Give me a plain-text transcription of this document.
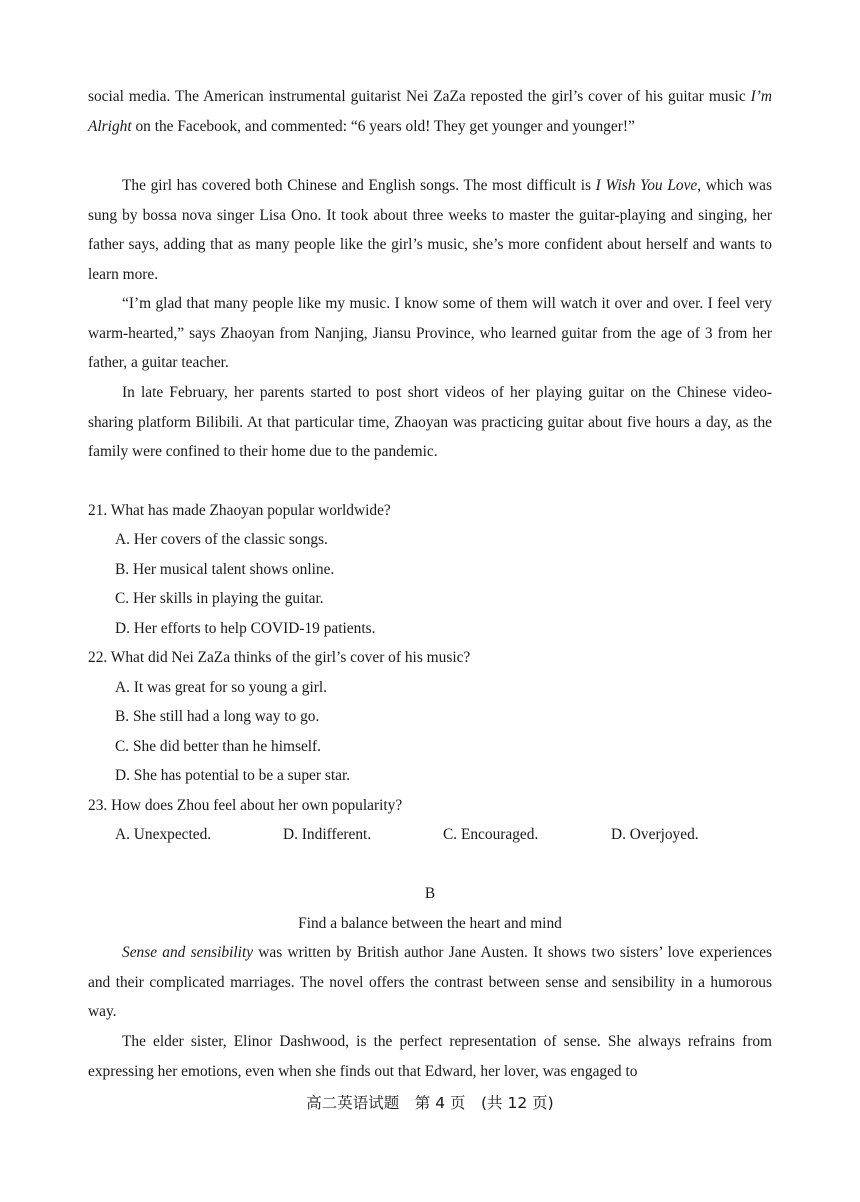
social media. The American instrumental guitarist Nei ZaZa reposted the girl’s cover of his guitar music I’m Alright on the Facebook, and commented: “6 years old! They get younger and younger!”

The girl has covered both Chinese and English songs. The most difficult is I Wish You Love, which was sung by bossa nova singer Lisa Ono. It took about three weeks to master the guitar-playing and singing, her father says, adding that as many people like the girl’s music, she’s more confident about herself and wants to learn more.

“I’m glad that many people like my music. I know some of them will watch it over and over. I feel very warm-hearted,” says Zhaoyan from Nanjing, Jiansu Province, who learned guitar from the age of 3 from her father, a guitar teacher.

In late February, her parents started to post short videos of her playing guitar on the Chinese video-sharing platform Bilibili. At that particular time, Zhaoyan was practicing guitar about five hours a day, as the family were confined to their home due to the pandemic.

21. What has made Zhaoyan popular worldwide?
A. Her covers of the classic songs.
B. Her musical talent shows online.
C. Her skills in playing the guitar.
D. Her efforts to help COVID-19 patients.
22. What did Nei ZaZa thinks of the girl’s cover of his music?
A. It was great for so young a girl.
B. She still had a long way to go.
C. She did better than he himself.
D. She has potential to be a super star.
23. How does Zhou feel about her own popularity?
A. Unexpected.	D. Indifferent.	C. Encouraged.	D. Overjoyed.
B
Find a balance between the heart and mind

Sense and sensibility was written by British author Jane Austen. It shows two sisters’ love experiences and their complicated marriages. The novel offers the contrast between sense and sensibility in a humorous way.

The elder sister, Elinor Dashwood, is the perfect representation of sense. She always refrains from expressing her emotions, even when she finds out that Edward, her lover, was engaged to

高二英语试题　第 4 页　(共 12 页)
